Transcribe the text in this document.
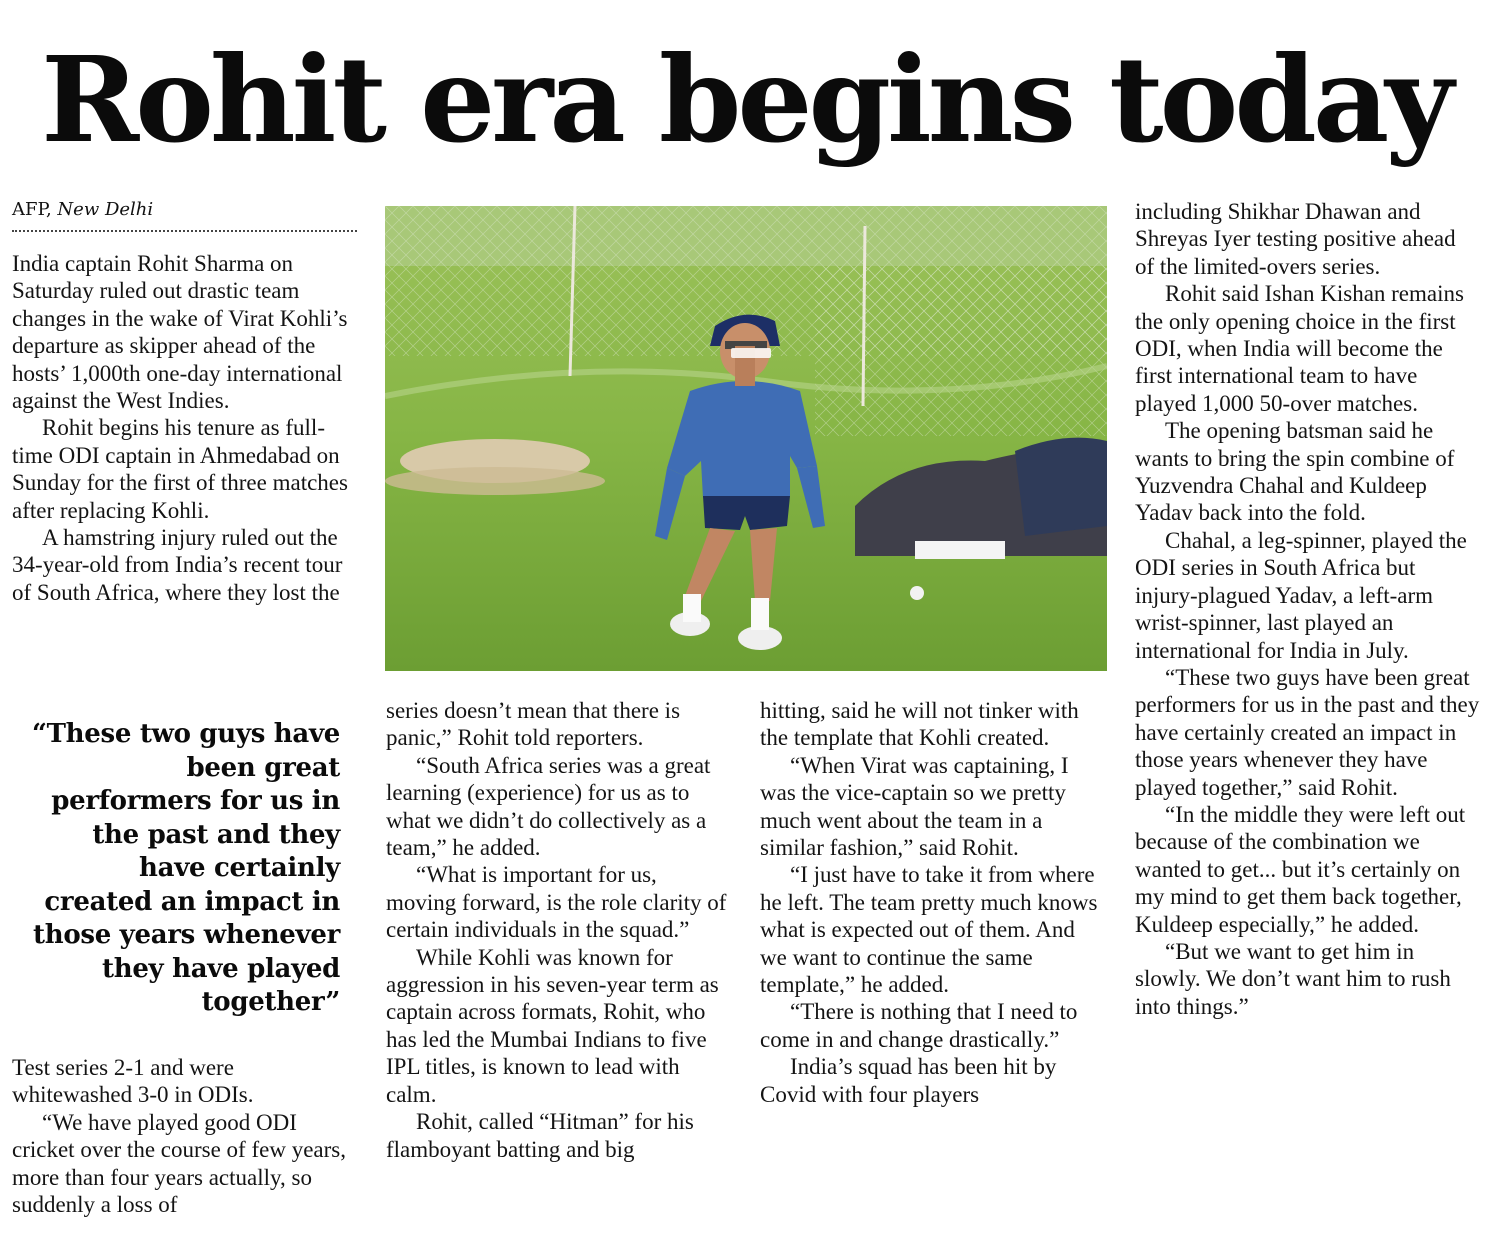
Rohit era begins today
AFP, New Delhi

India captain Rohit Sharma on Saturday ruled out drastic team changes in the wake of Virat Kohli’s departure as skipper ahead of the hosts’ 1,000th one-day international against the West Indies.

Rohit begins his tenure as full-time ODI captain in Ahmedabad on Sunday for the first of three matches after replacing Kohli.

A hamstring injury ruled out the 34-year-old from India’s recent tour of South Africa, where they lost the

“These two guys have been great performers for us in the past and they have certainly created an impact in those years whenever they have played together”

Test series 2-1 and were whitewashed 3-0 in ODIs.

“We have played good ODI cricket over the course of few years, more than four years actually, so suddenly a loss of

series doesn’t mean that there is panic,” Rohit told reporters.

“South Africa series was a great learning (experience) for us as to what we didn’t do collectively as a team,” he added.

“What is important for us, moving forward, is the role clarity of certain individuals in the squad.”

While Kohli was known for aggression in his seven-year term as captain across formats, Rohit, who has led the Mumbai Indians to five IPL titles, is known to lead with calm.

Rohit, called “Hitman” for his flamboyant batting and big

hitting, said he will not tinker with the template that Kohli created.

“When Virat was captaining, I was the vice-captain so we pretty much went about the team in a similar fashion,” said Rohit.

“I just have to take it from where he left. The team pretty much knows what is expected out of them. And we want to continue the same template,” he added.

“There is nothing that I need to come in and change drastically.”

India’s squad has been hit by Covid with four players

including Shikhar Dhawan and Shreyas Iyer testing positive ahead of the limited-overs series.

Rohit said Ishan Kishan remains the only opening choice in the first ODI, when India will become the first international team to have played 1,000 50-over matches.

The opening batsman said he wants to bring the spin combine of Yuzvendra Chahal and Kuldeep Yadav back into the fold.

Chahal, a leg-spinner, played the ODI series in South Africa but injury-plagued Yadav, a left-arm wrist-spinner, last played an international for India in July.

“These two guys have been great performers for us in the past and they have certainly created an impact in those years whenever they have played together,” said Rohit.

“In the middle they were left out because of the combination we wanted to get... but it’s certainly on my mind to get them back together, Kuldeep especially,” he added.

“But we want to get him in slowly. We don’t want him to rush into things.”
